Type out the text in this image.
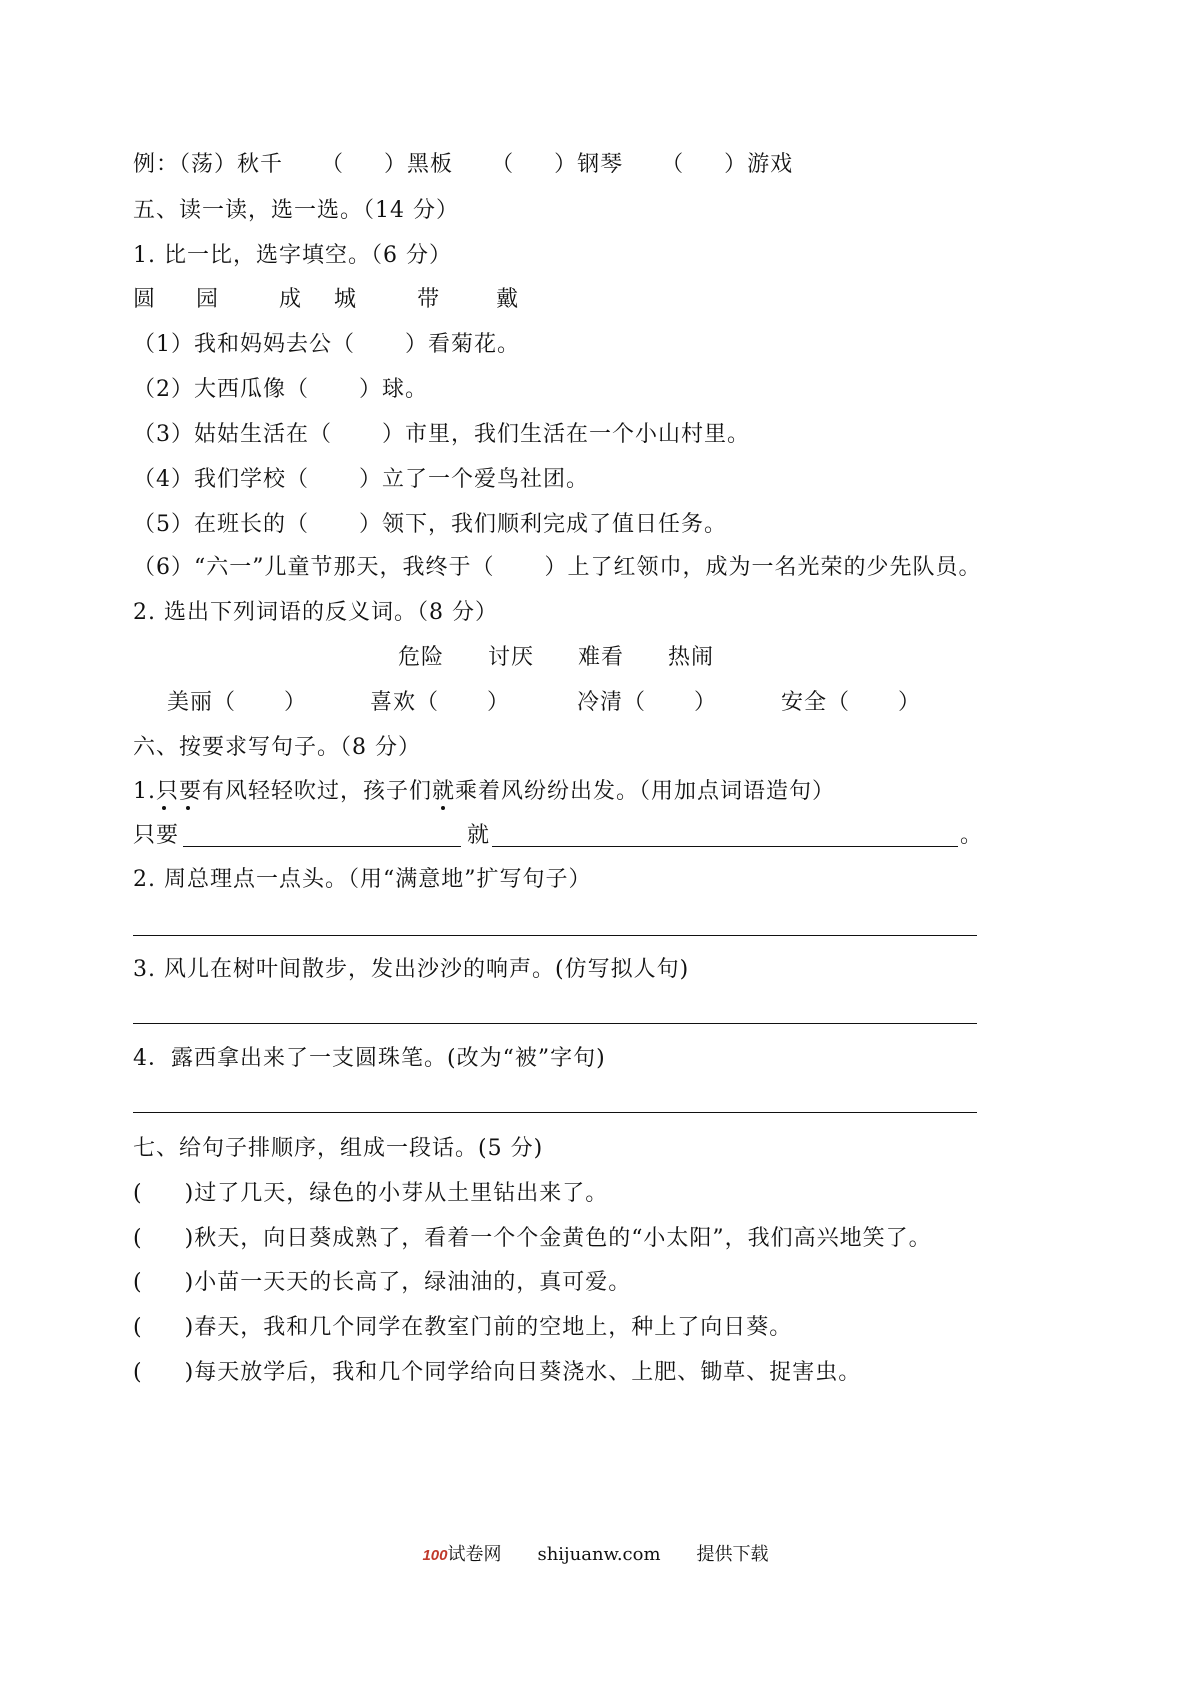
例：（荡）秋千 （ ）黑板 （ ）钢琴 （ ）游戏
五、读一读，选一选。（14 分）
1. 比一比，选字填空。（6 分）
圆 园	成 城	带	戴
（1）我和妈妈去公（ ）看菊花。
（2）大西瓜像（ ）球。
（3）姑姑生活在（ ）市里，我们生活在一个小山村里。
（4）我们学校（ ）立了一个爱鸟社团。
（5）在班长的（ ）领下，我们顺利完成了值日任务。
（6）“六一”儿童节那天，我终于（ ）上了红领巾，成为一名光荣的少先队员。
2. 选出下列词语的反义词。（8 分）
危险 讨厌 难看 热闹
美丽（ ）	喜欢（ ）	冷清（ ）	安全（ ）
六、按要求写句子。（8 分）
1.只要
有风轻轻吹过，孩子们就
乘着风纷纷出发。（用加点词语造句）
只要	就	。
2. 周总理点一点头。（用“满意地”扩写句子）
3. 风儿在树叶间散步，发出沙沙的响声。(仿写拟人句)
4．露西拿出来了一支圆珠笔。(改为“被”字句)
七、给句子排顺序，组成一段话。(5 分)
( )过了几天，绿色的小芽从土里钻出来了。
( )秋天，向日葵成熟了，看着一个个金黄色的“小太阳”，我们高兴地笑了。
( )小苗一天天的长高了，绿油油的，真可爱。
( )春天，我和几个同学在教室门前的空地上，种上了向日葵。
( )每天放学后，我和几个同学给向日葵浇水、上肥、锄草、捉害虫。
100试卷网 shijuanw.com 提供下载
